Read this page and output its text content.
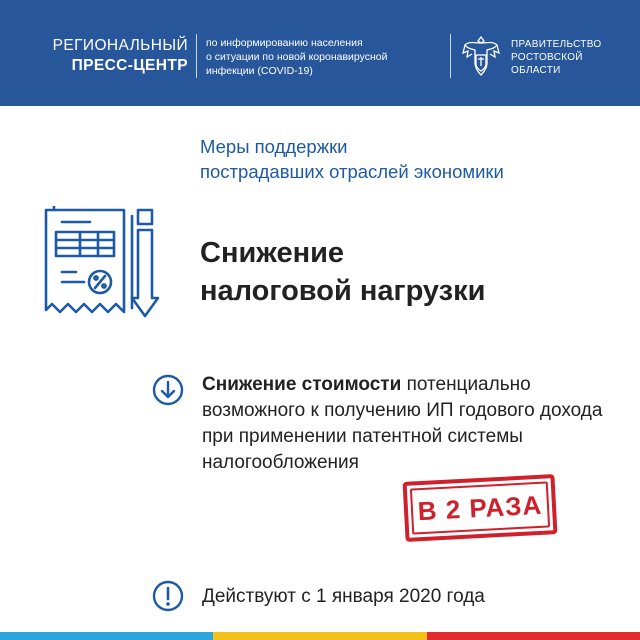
РЕГИОНАЛЬНЫЙ
ПРЕСС-ЦЕНТР
по информированию населения
о ситуации по новой коронавирусной
инфекции (COVID-19)
ПРАВИТЕЛЬСТВО
РОСТОВСКОЙ
ОБЛАСТИ
Меры поддержки
пострадавших отраслей экономики
Снижение
налоговой нагрузки
Снижение стоимости потенциально возможного к получению ИП годового дохода при применении патентной системы налогообложения
В 2 РАЗА
Действуют с 1 января 2020 года
